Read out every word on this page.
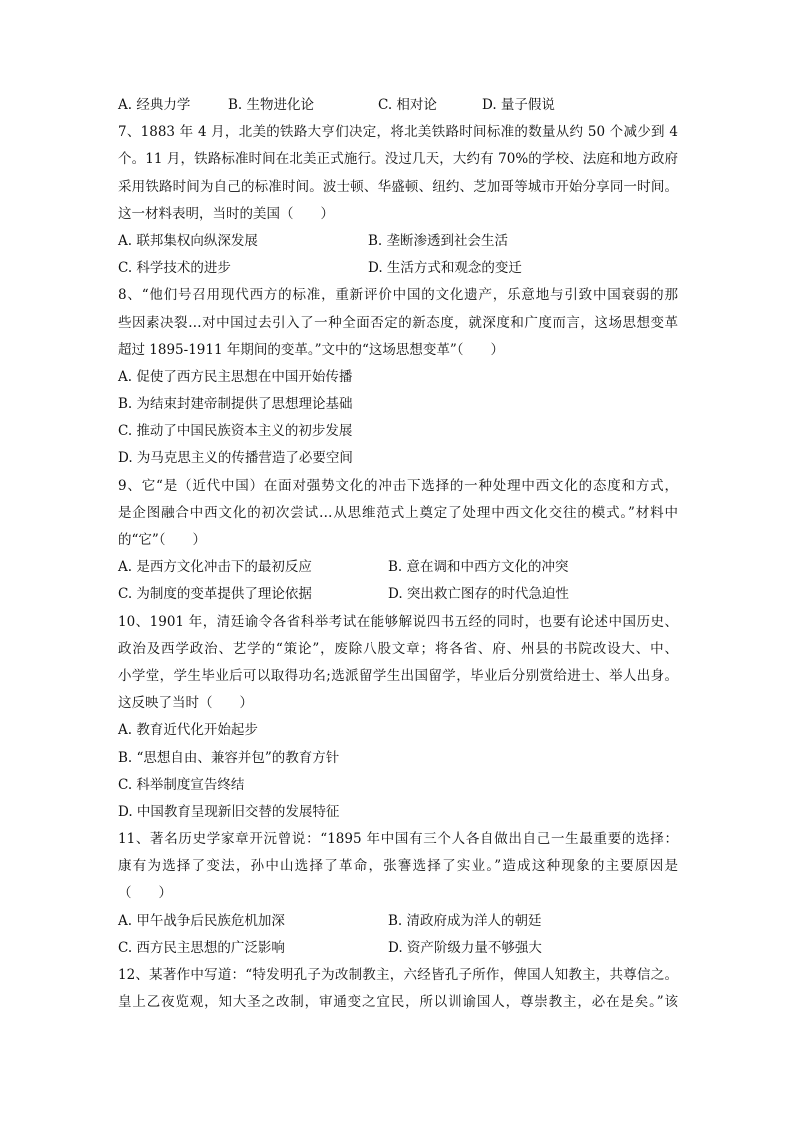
A. 经典力学	B. 生物进化论	C. 相对论	D. 量子假说
7、1883 年 4 月，北美的铁路大亨们决定，将北美铁路时间标准的数量从约 50 个减少到 4
个。11 月，铁路标准时间在北美正式施行。没过几天，大约有 70%的学校、法庭和地方政府
采用铁路时间为自己的标准时间。波士顿、华盛顿、纽约、芝加哥等城市开始分享同一时间。
这一材料表明，当时的美国（　　）
A. 联邦集权向纵深发展	B. 垄断渗透到社会生活
C. 科学技术的进步	D. 生活方式和观念的变迁
8、“他们号召用现代西方的标准，重新评价中国的文化遗产，乐意地与引致中国衰弱的那
些因素决裂…对中国过去引入了一种全面否定的新态度，就深度和广度而言，这场思想变革
超过 1895-1911 年期间的变革。”文中的“这场思想变革”（　　）
A. 促使了西方民主思想在中国开始传播
B. 为结束封建帝制提供了思想理论基础
C. 推动了中国民族资本主义的初步发展
D. 为马克思主义的传播营造了必要空间
9、它“是（近代中国）在面对强势文化的冲击下选择的一种处理中西文化的态度和方式，
是企图融合中西文化的初次尝试…从思维范式上奠定了处理中西文化交往的模式。”材料中
的“它”（　　）
A. 是西方文化冲击下的最初反应	B. 意在调和中西方文化的冲突
C. 为制度的变革提供了理论依据	D. 突出救亡图存的时代急迫性
10、1901 年，清廷谕令各省科举考试在能够解说四书五经的同时，也要有论述中国历史、
政治及西学政治、艺学的“策论”，废除八股文章；将各省、府、州县的书院改设大、中、
小学堂，学生毕业后可以取得功名;选派留学生出国留学，毕业后分别赏给进士、举人出身。
这反映了当时（　　）
A. 教育近代化开始起步
B. “思想自由、兼容并包”的教育方针
C. 科举制度宣告终结
D. 中国教育呈现新旧交替的发展特征
11、著名历史学家章开沅曾说：“1895 年中国有三个人各自做出自己一生最重要的选择：
康有为选择了变法，孙中山选择了革命，张謇选择了实业。”造成这种现象的主要原因是
（　　）
A. 甲午战争后民族危机加深	B. 清政府成为洋人的朝廷
C. 西方民主思想的广泛影响	D. 资产阶级力量不够强大
12、某著作中写道：“特发明孔子为改制教主，六经皆孔子所作，俾国人知教主，共尊信之。
皇上乙夜览观，知大圣之改制，审通变之宜民，所以训谕国人，尊崇教主，必在是矣。”该
